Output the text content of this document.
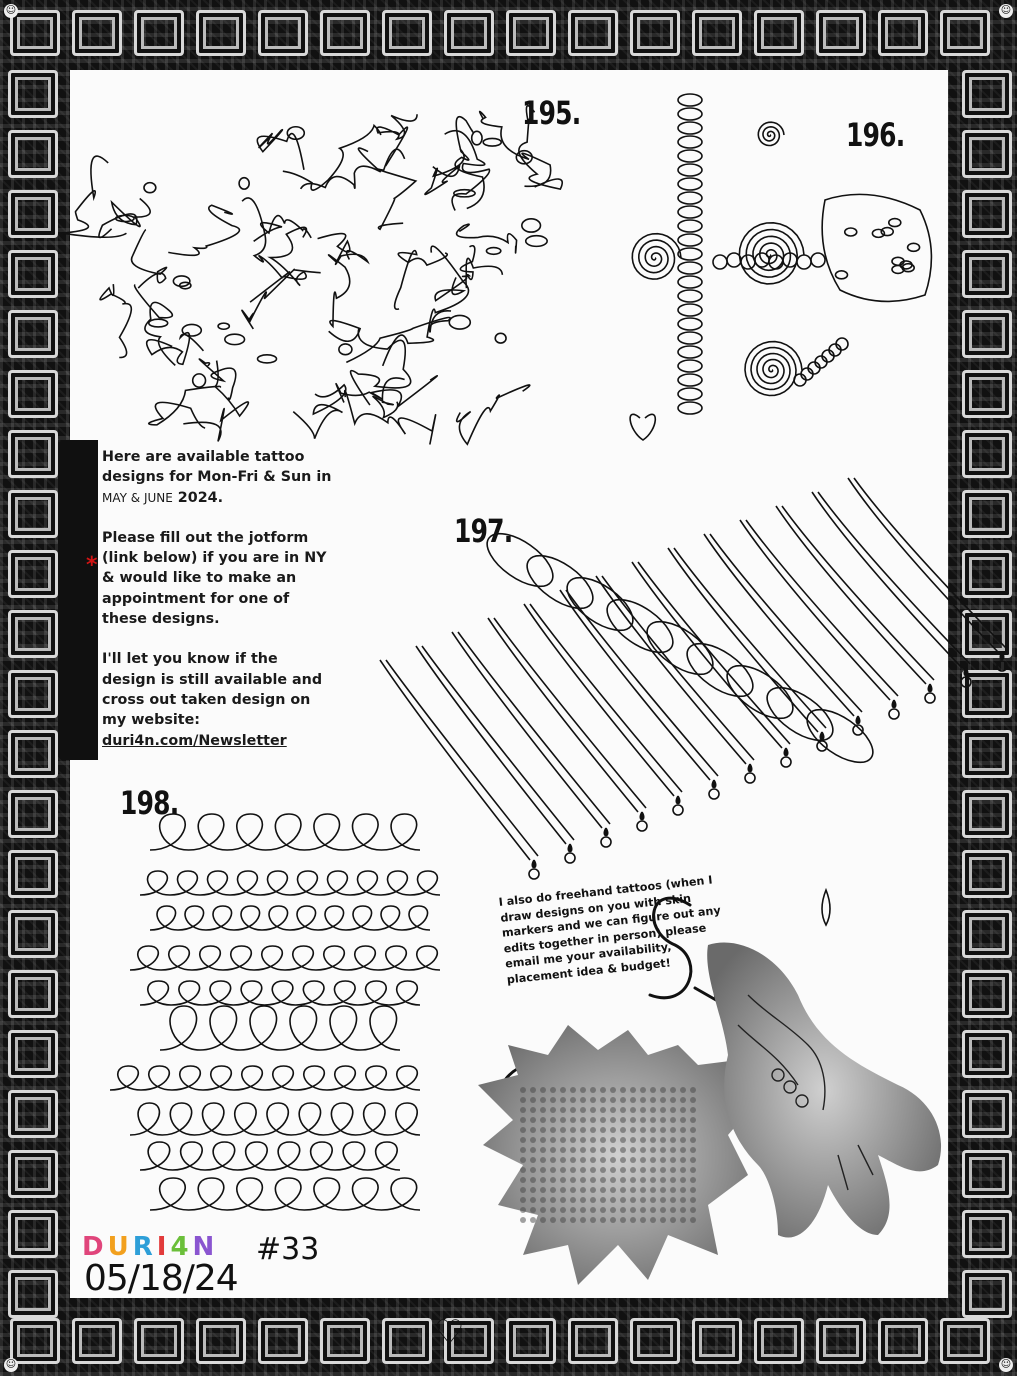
195.
196.
197.
198.
*

Here are available tattoo designs for Mon-Fri & Sun in MAY & JUNE 2024.

Please fill out the jotform (link below) if you are in NY & would like to make an appointment for one of these designs.

I'll let you know if the design is still available and cross out taken design on my website:
duri4n.com/Newsletter

I also do freehand tattoos (when I draw designs on you with skin markers and we can figure out any edits together in person) please email me your availability, placement idea & budget!
D U R I 4 N #33
05/18/24
♡
☺	☺
☺	☺
